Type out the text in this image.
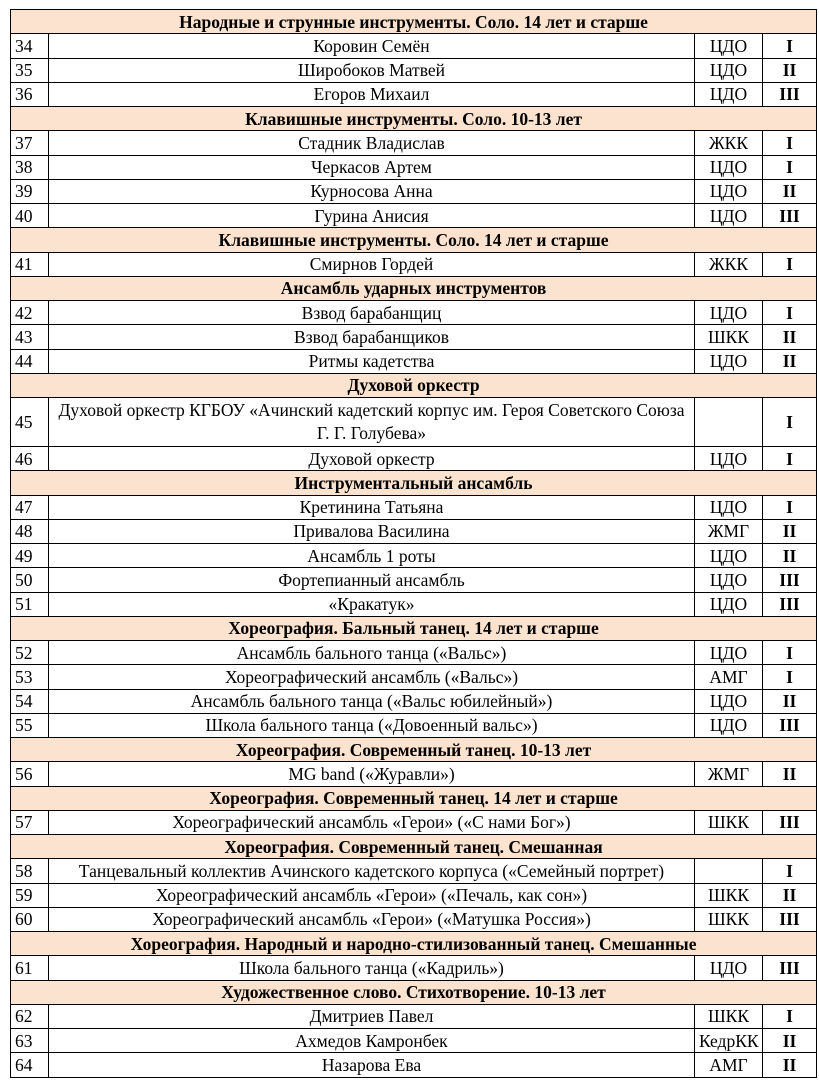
Народные и струнные инструменты. Соло. 14 лет и старше			
34	Коровин Семён	ЦДО	I
35	Широбоков Матвей	ЦДО	II
36	Егоров Михаил	ЦДО	III
Клавишные инструменты. Соло. 10-13 лет			
37	Стадник Владислав	ЖКК	I
38	Черкасов Артем	ЦДО	I
39	Курносова Анна	ЦДО	II
40	Гурина Анисия	ЦДО	III
Клавишные инструменты. Соло. 14 лет и старше			
41	Смирнов Гордей	ЖКК	I
Ансамбль ударных инструментов			
42	Взвод барабанщиц	ЦДО	I
43	Взвод барабанщиков	ШКК	II
44	Ритмы кадетства	ЦДО	II
Духовой оркестр			
45	Духовой оркестр КГБОУ «Ачинский кадетский корпус им. Героя Советского Союза Г. Г. Голубева»		I
46	Духовой оркестр	ЦДО	I
Инструментальный ансамбль			
47	Кретинина Татьяна	ЦДО	I
48	Привалова Василина	ЖМГ	II
49	Ансамбль 1 роты	ЦДО	II
50	Фортепианный ансамбль	ЦДО	III
51	«Кракатук»	ЦДО	III
Хореография. Бальный танец. 14 лет и старше			
52	Ансамбль бального танца («Вальс»)	ЦДО	I
53	Хореографический ансамбль («Вальс»)	АМГ	I
54	Ансамбль бального танца («Вальс юбилейный»)	ЦДО	II
55	Школа бального танца («Довоенный вальс»)	ЦДО	III
Хореография. Современный танец. 10-13 лет			
56	MG band («Журавли»)	ЖМГ	II
Хореография. Современный танец. 14 лет и старше			
57	Хореографический ансамбль «Герои» («С нами Бог»)	ШКК	III
Хореография. Современный танец. Смешанная			
58	Танцевальный коллектив Ачинского кадетского корпуса («Семейный портрет)		I
59	Хореографический ансамбль «Герои» («Печаль, как сон»)	ШКК	II
60	Хореографический ансамбль «Герои» («Матушка Россия»)	ШКК	III
Хореография. Народный и народно-стилизованный танец. Смешанные			
61	Школа бального танца («Кадриль»)	ЦДО	III
Художественное слово. Стихотворение. 10-13 лет			
62	Дмитриев Павел	ШКК	I
63	Ахмедов Камронбек	КедрКК	II
64	Назарова Ева	АМГ	II
